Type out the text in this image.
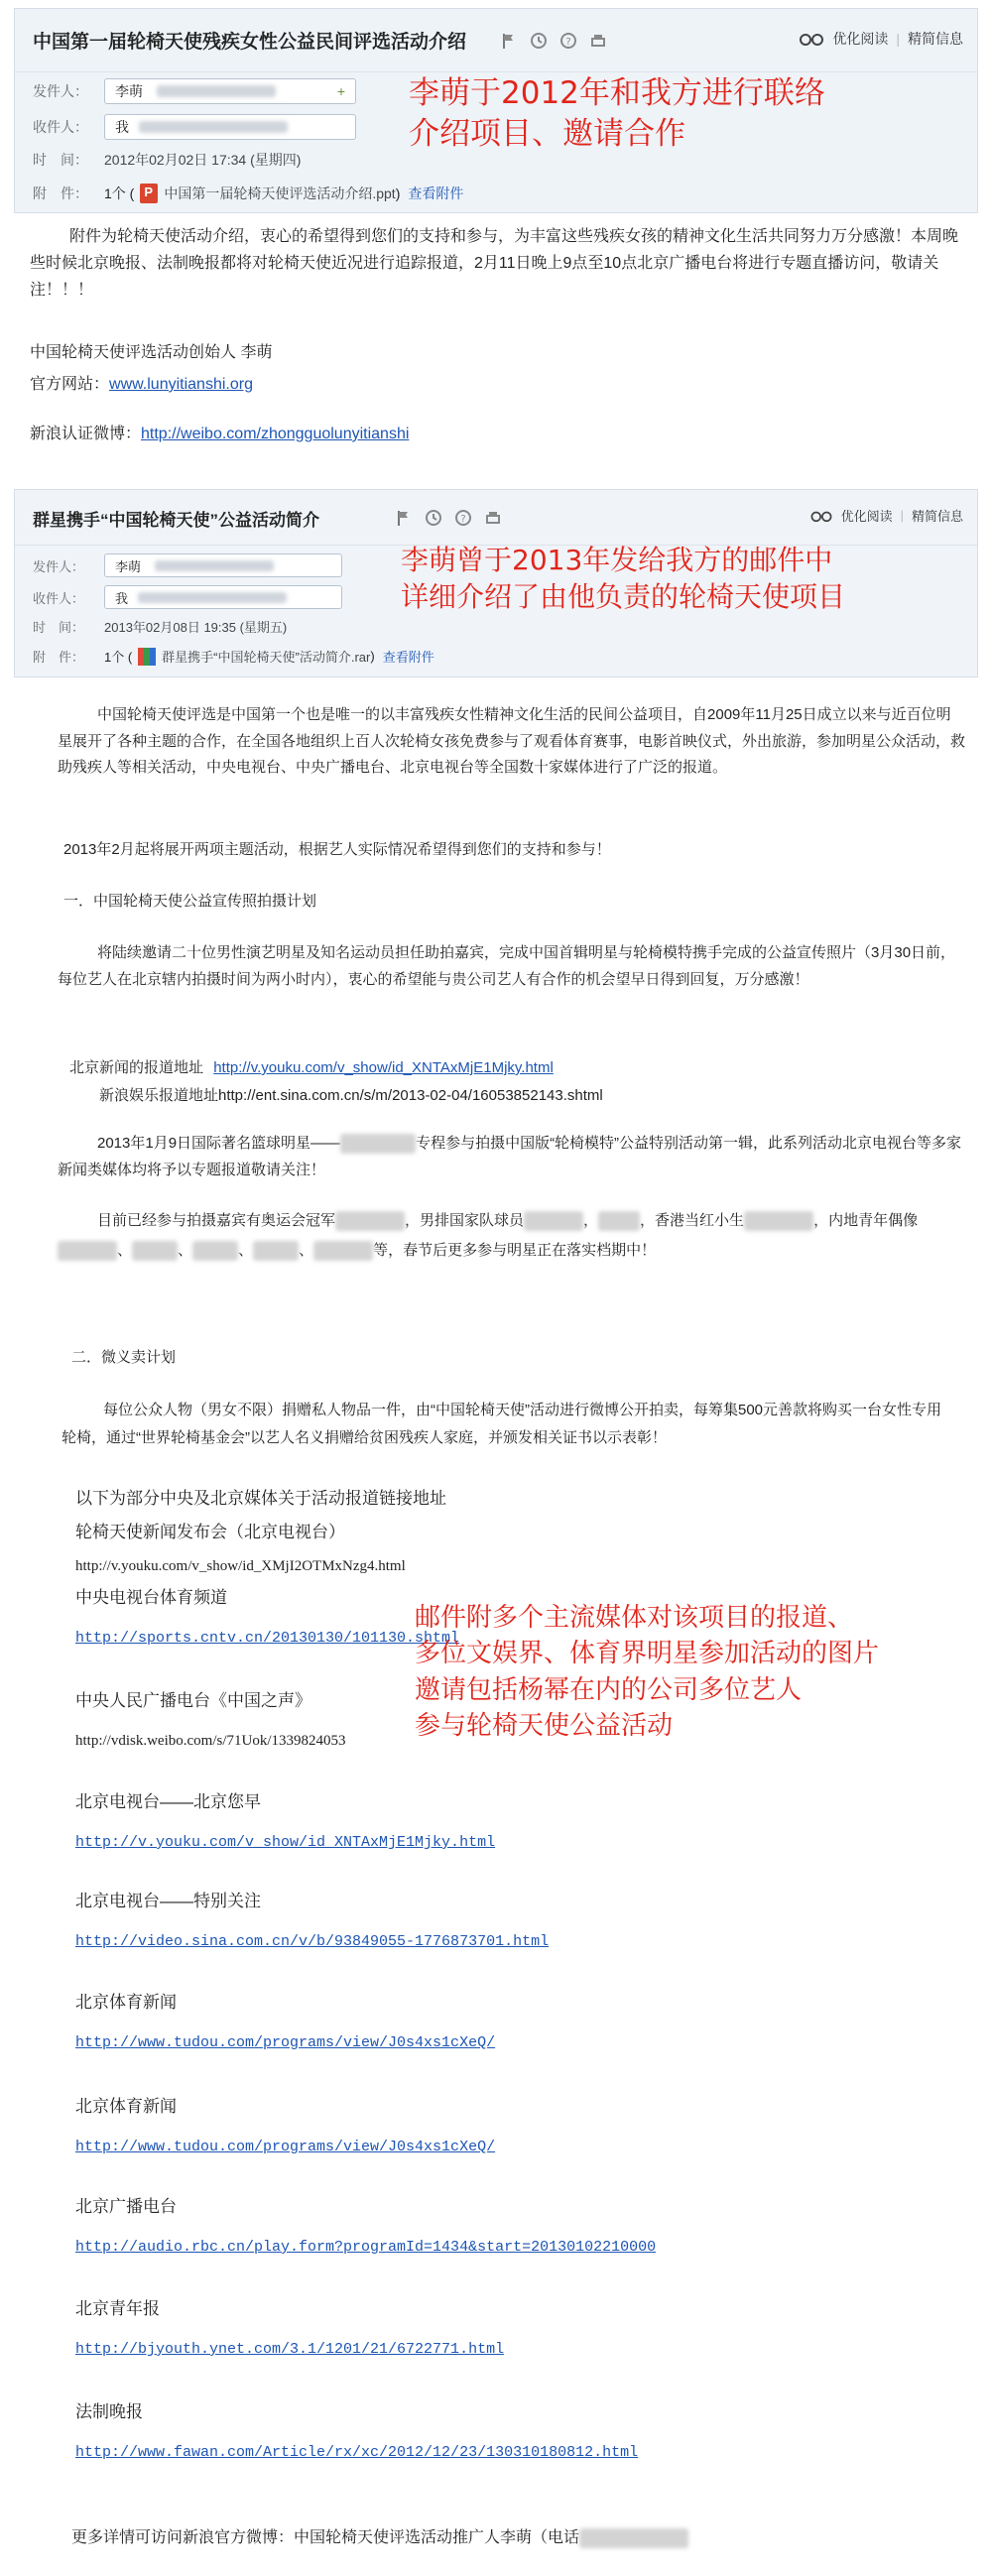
中国第一届轮椅天使残疾女性公益民间评选活动介绍	?	优化阅读 | 精简信息
发件人：	李萌	+
收件人：	我
时　间：	2012年02月02日 17:34 (星期四)
附　件：	1个 (
P 中国第一届轮椅天使评选活动介绍.ppt ) 查看附件
李萌于2012年和我方进行联络
介绍项目、邀请合作
附件为轮椅天使活动介绍，衷心的希望得到您们的支持和参与，为丰富这些残疾女孩的精神文化生活共同努力万分感激！本周晚些时候北京晚报、法制晚报都将对轮椅天使近况进行追踪报道，2月11日晚上9点至10点北京广播电台将进行专题直播访问，敬请关注！！！
中国轮椅天使评选活动创始人 李萌
官方网站：www.lunyitianshi.org
新浪认证微博：http://weibo.com/zhongguolunyitianshi
群星携手“中国轮椅天使”公益活动简介	?	优化阅读 | 精简信息
发件人：	李萌
收件人：	我
时　间：	2013年02月08日 19:35 (星期五)
附　件：	1个 ( 群星携手“中国轮椅天使”活动简介.rar ) 查看附件
李萌曾于2013年发给我方的邮件中
详细介绍了由他负责的轮椅天使项目
中国轮椅天使评选是中国第一个也是唯一的以丰富残疾女性精神文化生活的民间公益项目，自2009年11月25日成立以来与近百位明星展开了各种主题的合作，在全国各地组织上百人次轮椅女孩免费参与了观看体育赛事，电影首映仪式，外出旅游，参加明星公众活动，救助残疾人等相关活动，中央电视台、中央广播电台、北京电视台等全国数十家媒体进行了广泛的报道。
2013年2月起将展开两项主题活动，根据艺人实际情况希望得到您们的支持和参与！
一．中国轮椅天使公益宣传照拍摄计划
将陆续邀请二十位男性演艺明星及知名运动员担任助拍嘉宾，完成中国首辑明星与轮椅模特携手完成的公益宣传照片（3月30日前，每位艺人在北京辖内拍摄时间为两小时内），衷心的希望能与贵公司艺人有合作的机会望早日得到回复，万分感激！
北京新闻的报道地址 http://v.youku.com/v_show/id_XNTAxMjE1Mjky.html
新浪娱乐报道地址http://ent.sina.com.cn/s/m/2013-02-04/16053852143.shtml
2013年1月9日国际著名篮球明星——	专程参与拍摄中国版“轮椅模特”公益特别活动第一辑，此系列活动北京电视台等多家新闻类媒体均将予以专题报道敬请关注！
目前已经参与拍摄嘉宾有奥运会冠军	，男排国家队球员	，	，香港当红小生	，内地青年偶像、	、	、	、	等，春节后更多参与明星正在落实档期中！
二．微义卖计划
每位公众人物（男女不限）捐赠私人物品一件，由“中国轮椅天使”活动进行微博公开拍卖，每筹集500元善款将购买一台女性专用轮椅，通过“世界轮椅基金会”以艺人名义捐赠给贫困残疾人家庭，并颁发相关证书以示表彰！
以下为部分中央及北京媒体关于活动报道链接地址
轮椅天使新闻发布会（北京电视台）
http://v.youku.com/v_show/id_XMjI2OTMxNzg4.html
中央电视台体育频道
http://sports.cntv.cn/20130130/101130.shtml
中央人民广播电台《中国之声》
http://vdisk.weibo.com/s/71Uok/1339824053
北京电视台——北京您早
http://v.youku.com/v_show/id_XNTAxMjE1Mjky.html
北京电视台——特别关注
http://video.sina.com.cn/v/b/93849055-1776873701.html
北京体育新闻
http://www.tudou.com/programs/view/J0s4xs1cXeQ/
北京体育新闻
http://www.tudou.com/programs/view/J0s4xs1cXeQ/
北京广播电台
http://audio.rbc.cn/play.form?programId=1434&start=20130102210000
北京青年报
http://bjyouth.ynet.com/3.1/1201/21/6722771.html
法制晚报
http://www.fawan.com/Article/rx/xc/2012/12/23/130310180812.html
邮件附多个主流媒体对该项目的报道、
多位文娱界、体育界明星参加活动的图片
邀请包括杨幂在内的公司多位艺人
参与轮椅天使公益活动
更多详情可访问新浪官方微博：中国轮椅天使评选活动推广人李萌（电话
